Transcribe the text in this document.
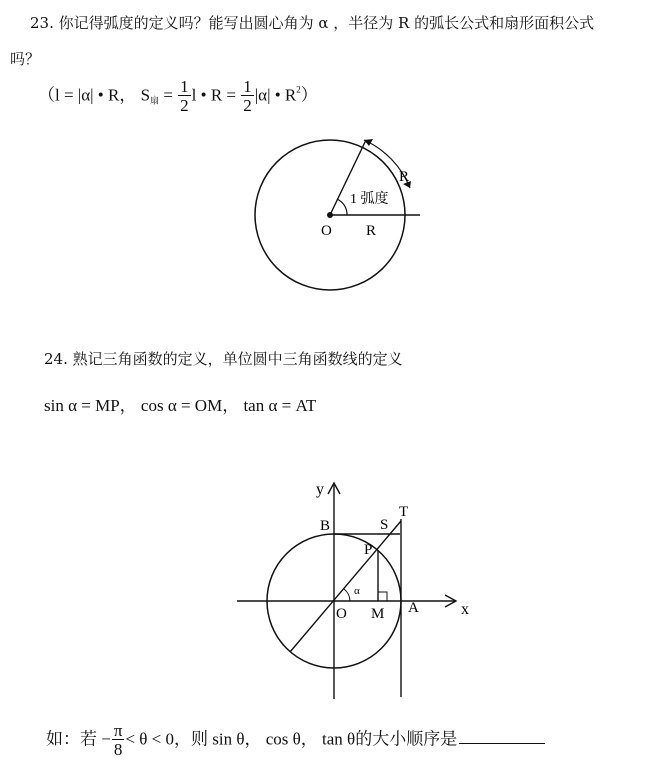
23. 你记得弧度的定义吗？能写出圆心角为 α ，半径为 R 的弧长公式和扇形面积公式
吗？
（l = |α| • R， $S_扇 = \frac{1}{2}$ l • $R = \frac{1}{2} |\alpha|$ • $R^2$）
O R
R
1 弧度
24. 熟记三角函数的定义，单位圆中三角函数线的定义
sin α = MP， cos α = OM， tan α = AT
y
x
B	S
T
P
O M A
α
如：若 − $\frac{\pi}{8} < \theta < 0$，则 sin θ， cos θ， tan θ的大小顺序是
